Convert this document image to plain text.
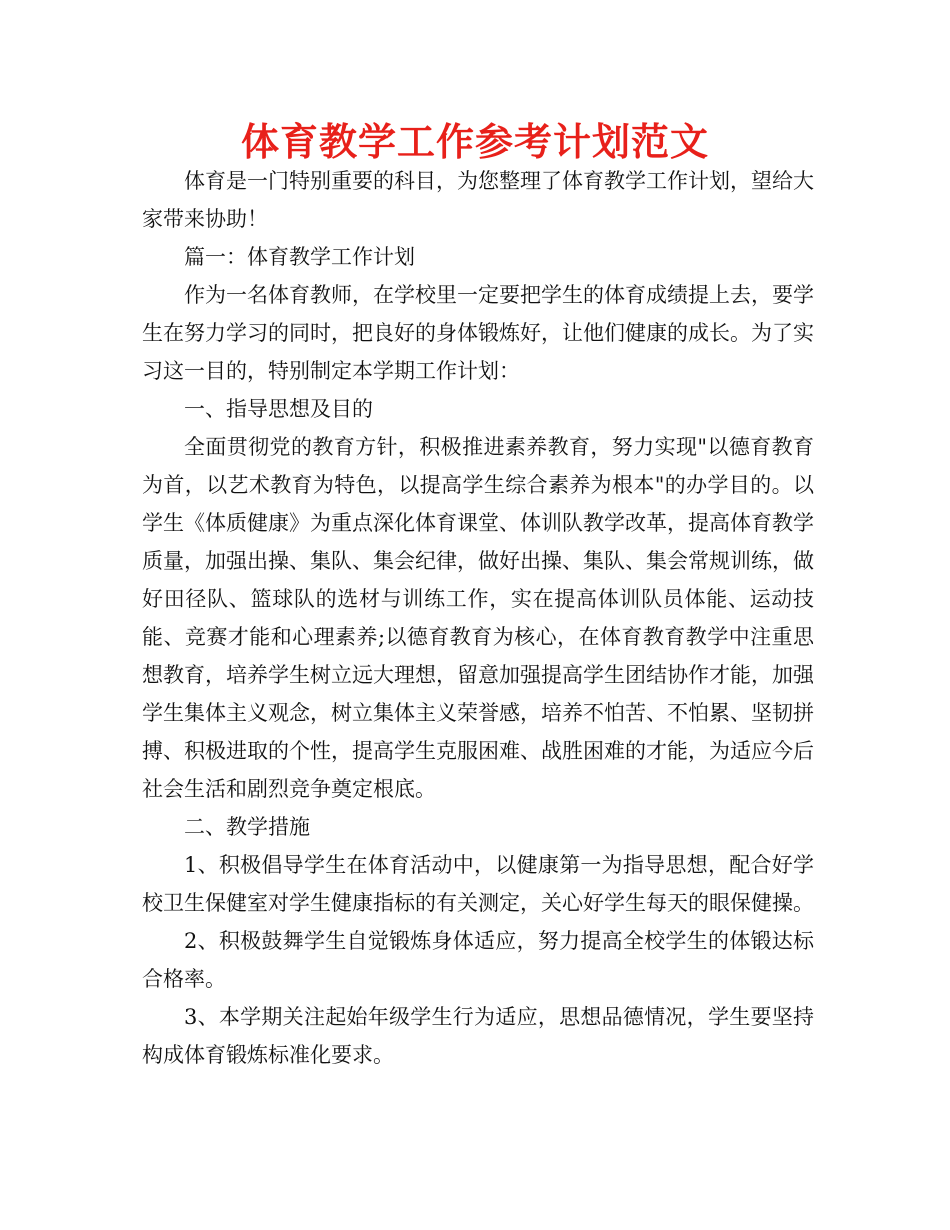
体育教学工作参考计划范文

体育是一门特别重要的科目，为您整理了体育教学工作计划，望给大家带来协助！

篇一：体育教学工作计划

作为一名体育教师，在学校里一定要把学生的体育成绩提上去，要学生在努力学习的同时，把良好的身体锻炼好，让他们健康的成长。为了实习这一目的，特别制定本学期工作计划：

一、指导思想及目的

全面贯彻党的教育方针，积极推进素养教育，努力实现"以德育教育为首，以艺术教育为特色，以提高学生综合素养为根本"的办学目的。以学生《体质健康》为重点深化体育课堂、体训队教学改革，提高体育教学质量，加强出操、集队、集会纪律，做好出操、集队、集会常规训练，做好田径队、篮球队的选材与训练工作，实在提高体训队员体能、运动技能、竞赛才能和心理素养;以德育教育为核心，在体育教育教学中注重思想教育，培养学生树立远大理想，留意加强提高学生团结协作才能，加强学生集体主义观念，树立集体主义荣誉感，培养不怕苦、不怕累、坚韧拼搏、积极进取的个性，提高学生克服困难、战胜困难的才能，为适应今后社会生活和剧烈竞争奠定根底。

二、教学措施

1、积极倡导学生在体育活动中，以健康第一为指导思想，配合好学校卫生保健室对学生健康指标的有关测定，关心好学生每天的眼保健操。

2、积极鼓舞学生自觉锻炼身体适应，努力提高全校学生的体锻达标合格率。

3、本学期关注起始年级学生行为适应，思想品德情况，学生要坚持构成体育锻炼标准化要求。
